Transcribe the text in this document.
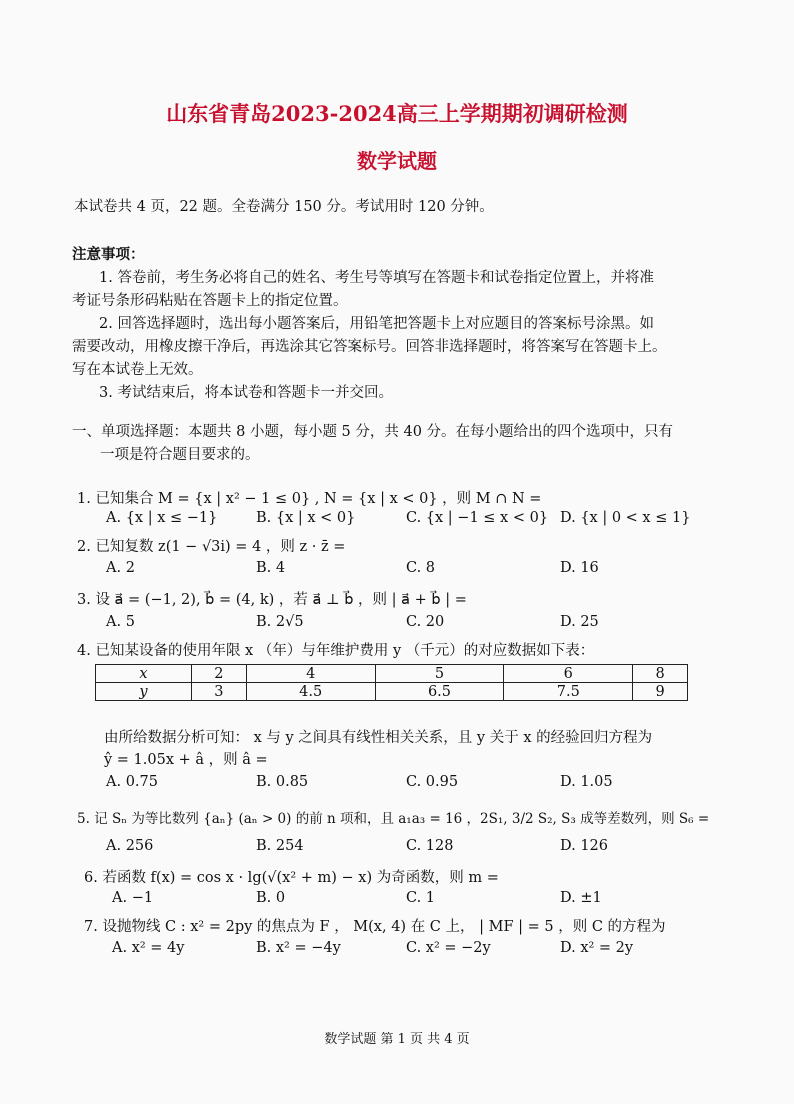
山东省青岛2023-2024高三上学期期初调研检测
数学试题
本试卷共 4 页，22 题。全卷满分 150 分。考试用时 120 分钟。
注意事项：
1. 答卷前，考生务必将自己的姓名、考生号等填写在答题卡和试卷指定位置上，并将准
考证号条形码粘贴在答题卡上的指定位置。
2. 回答选择题时，选出每小题答案后，用铅笔把答题卡上对应题目的答案标号涂黑。如
需要改动，用橡皮擦干净后，再选涂其它答案标号。回答非选择题时，将答案写在答题卡上。
写在本试卷上无效。
3. 考试结束后，将本试卷和答题卡一并交回。
一、单项选择题：本题共 8 小题，每小题 5 分，共 40 分。在每小题给出的四个选项中，只有
一项是符合题目要求的。
1. 已知集合 M = {x | x² − 1 ≤ 0} , N = {x | x < 0} ，则 M ∩ N =
A. {x | x ≤ −1}	B. {x | x < 0}	C. {x | −1 ≤ x < 0} D. {x | 0 < x ≤ 1}
2. 已知复数 z(1 − √3i) = 4 ，则 z · z̄ =
A. 2	B. 4	C. 8	D. 16
3. 设 a⃗ = (−1, 2), b⃗ = (4, k) ，若 a⃗ ⊥ b⃗ ，则 | a⃗ + b⃗ | =
A. 5	B. 2√5	C. 20	D. 25
4. 已知某设备的使用年限 x （年）与年维护费用 y （千元）的对应数据如下表：
x	2	4	5	6	8
y	3	4.5	6.5	7.5	9
由所给数据分析可知： x 与 y 之间具有线性相关关系，且 y 关于 x 的经验回归方程为
ŷ = 1.05x + â ，则 â =
A. 0.75	B. 0.85	C. 0.95	D. 1.05
5. 记 Sₙ 为等比数列 {aₙ} (aₙ > 0) 的前 n 项和，且 a₁a₃ = 16 ，2S₁, 3/2 S₂, S₃ 成等差数列，则 S₆ =
A. 256	B. 254	C. 128	D. 126
6. 若函数 f(x) = cos x · lg(√(x² + m) − x) 为奇函数，则 m =
A. −1	B. 0	C. 1	D. ±1
7. 设抛物线 C : x² = 2py 的焦点为 F ， M(x, 4) 在 C 上， | MF | = 5 ，则 C 的方程为
A. x² = 4y	B. x² = −4y	C. x² = −2y	D. x² = 2y
数学试题 第 1 页 共 4 页
